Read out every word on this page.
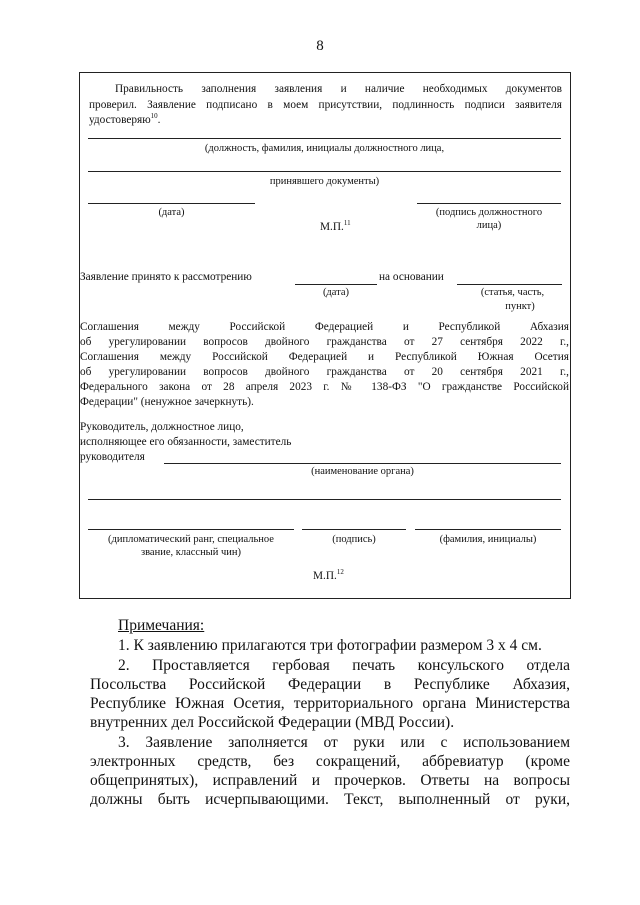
8
Правильность заполнения заявления и наличие необходимых документов
проверил. Заявление подписано в моем присутствии, подлинность подписи заявителя
удостоверяю$^{10}$.
(должность, фамилия, инициалы должностного лица,
принявшего документы)
(дата)	(подпись должностного
лица)
М.П.$^{11}$
Заявление принято к рассмотрению	на основании
(дата)	(статья, часть,
пункт)
Соглашения между Российской Федерацией и Республикой Абхазия
об урегулировании вопросов двойного гражданства от 27 сентября 2022 г.,
Соглашения между Российской Федерацией и Республикой Южная Осетия
об урегулировании вопросов двойного гражданства от 20 сентября 2021 г.,
Федерального закона от 28 апреля 2023 г. № 138-ФЗ "О гражданстве Российской
Федерации" (ненужное зачеркнуть).
Руководитель, должностное лицо,
исполняющее его обязанности, заместитель
руководителя
(наименование органа)
(дипломатический ранг, специальное
звание, классный чин)
(подпись)	(фамилия, инициалы)
М.П.$^{12}$
Примечания:
1. К заявлению прилагаются три фотографии размером 3 х 4 см.
2. Проставляется гербовая печать консульского отдела
Посольства Российской Федерации в Республике Абхазия,
Республике Южная Осетия, территориального органа Министерства
внутренних дел Российской Федерации (МВД России).
3. Заявление заполняется от руки или с использованием
электронных средств, без сокращений, аббревиатур (кроме
общепринятых), исправлений и прочерков. Ответы на вопросы
должны быть исчерпывающими. Текст, выполненный от руки,
